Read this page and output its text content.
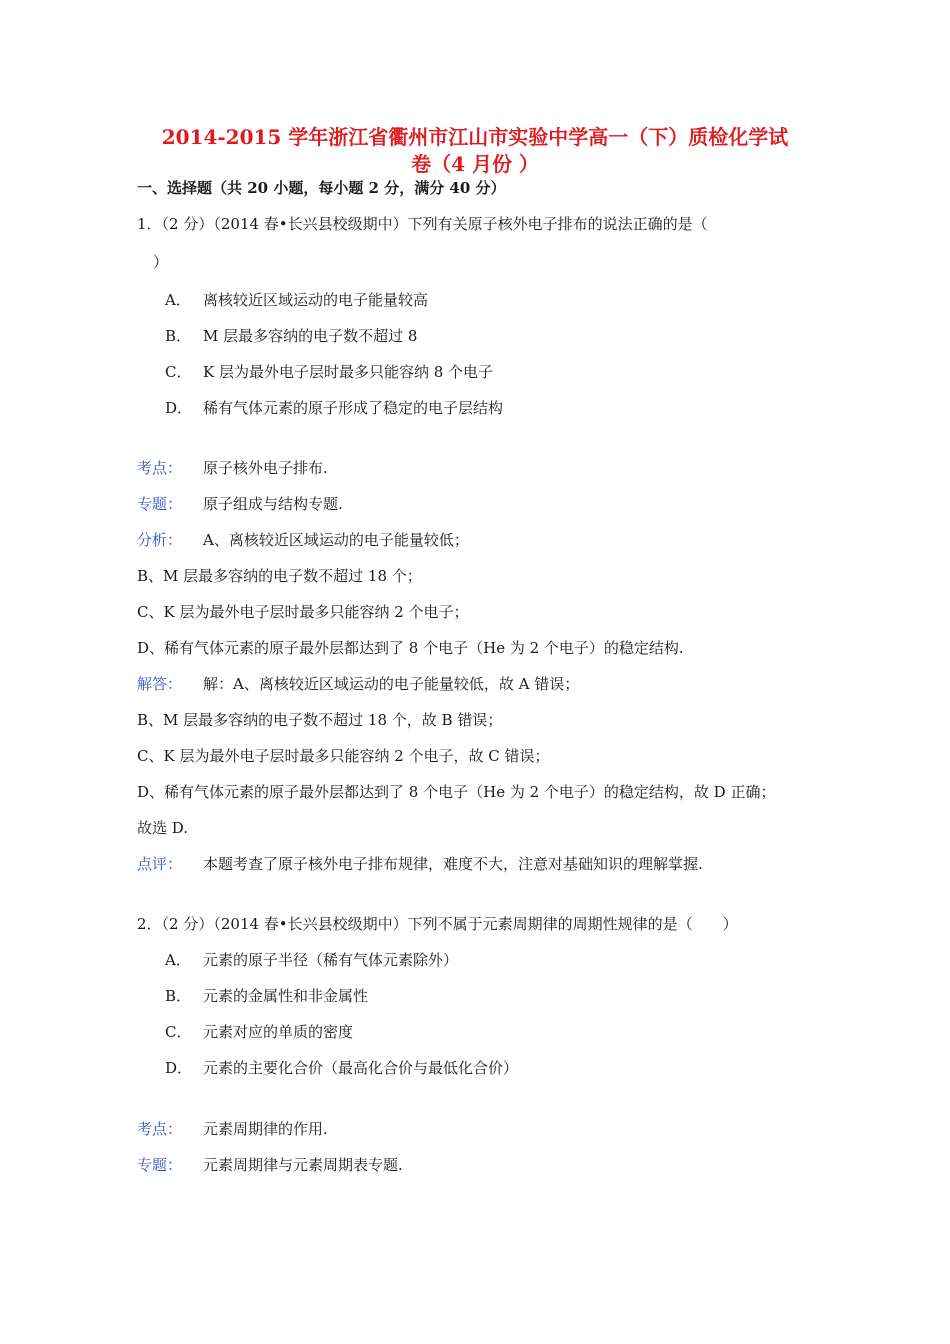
2014-2015 学年浙江省衢州市江山市实验中学高一（下）质检化学试
卷（4 月份 ）
一、选择题（共 20 小题，每小题 2 分，满分 40 分）
1．（2 分）（2014 春•长兴县校级期中）下列有关原子核外电子排布的说法正确的是（
）
A． 离核较近区域运动的电子能量较高
B． M 层最多容纳的电子数不超过 8
C． K 层为最外电子层时最多只能容纳 8 个电子
D． 稀有气体元素的原子形成了稳定的电子层结构
考点： 原子核外电子排布.
专题： 原子组成与结构专题.
分析： A、离核较近区域运动的电子能量较低；
B、M 层最多容纳的电子数不超过 18 个；
C、K 层为最外电子层时最多只能容纳 2 个电子；
D、稀有气体元素的原子最外层都达到了 8 个电子（He 为 2 个电子）的稳定结构.
解答： 解：A、离核较近区域运动的电子能量较低，故 A 错误；
B、M 层最多容纳的电子数不超过 18 个，故 B 错误；
C、K 层为最外电子层时最多只能容纳 2 个电子，故 C 错误；
D、稀有气体元素的原子最外层都达到了 8 个电子（He 为 2 个电子）的稳定结构，故 D 正确；
故选 D.
点评： 本题考查了原子核外电子排布规律，难度不大，注意对基础知识的理解掌握.
2．（2 分）（2014 春•长兴县校级期中）下列不属于元素周期律的周期性规律的是（　　）
A． 元素的原子半径（稀有气体元素除外）
B． 元素的金属性和非金属性
C． 元素对应的单质的密度
D． 元素的主要化合价（最高化合价与最低化合价）
考点： 元素周期律的作用.
专题： 元素周期律与元素周期表专题.
